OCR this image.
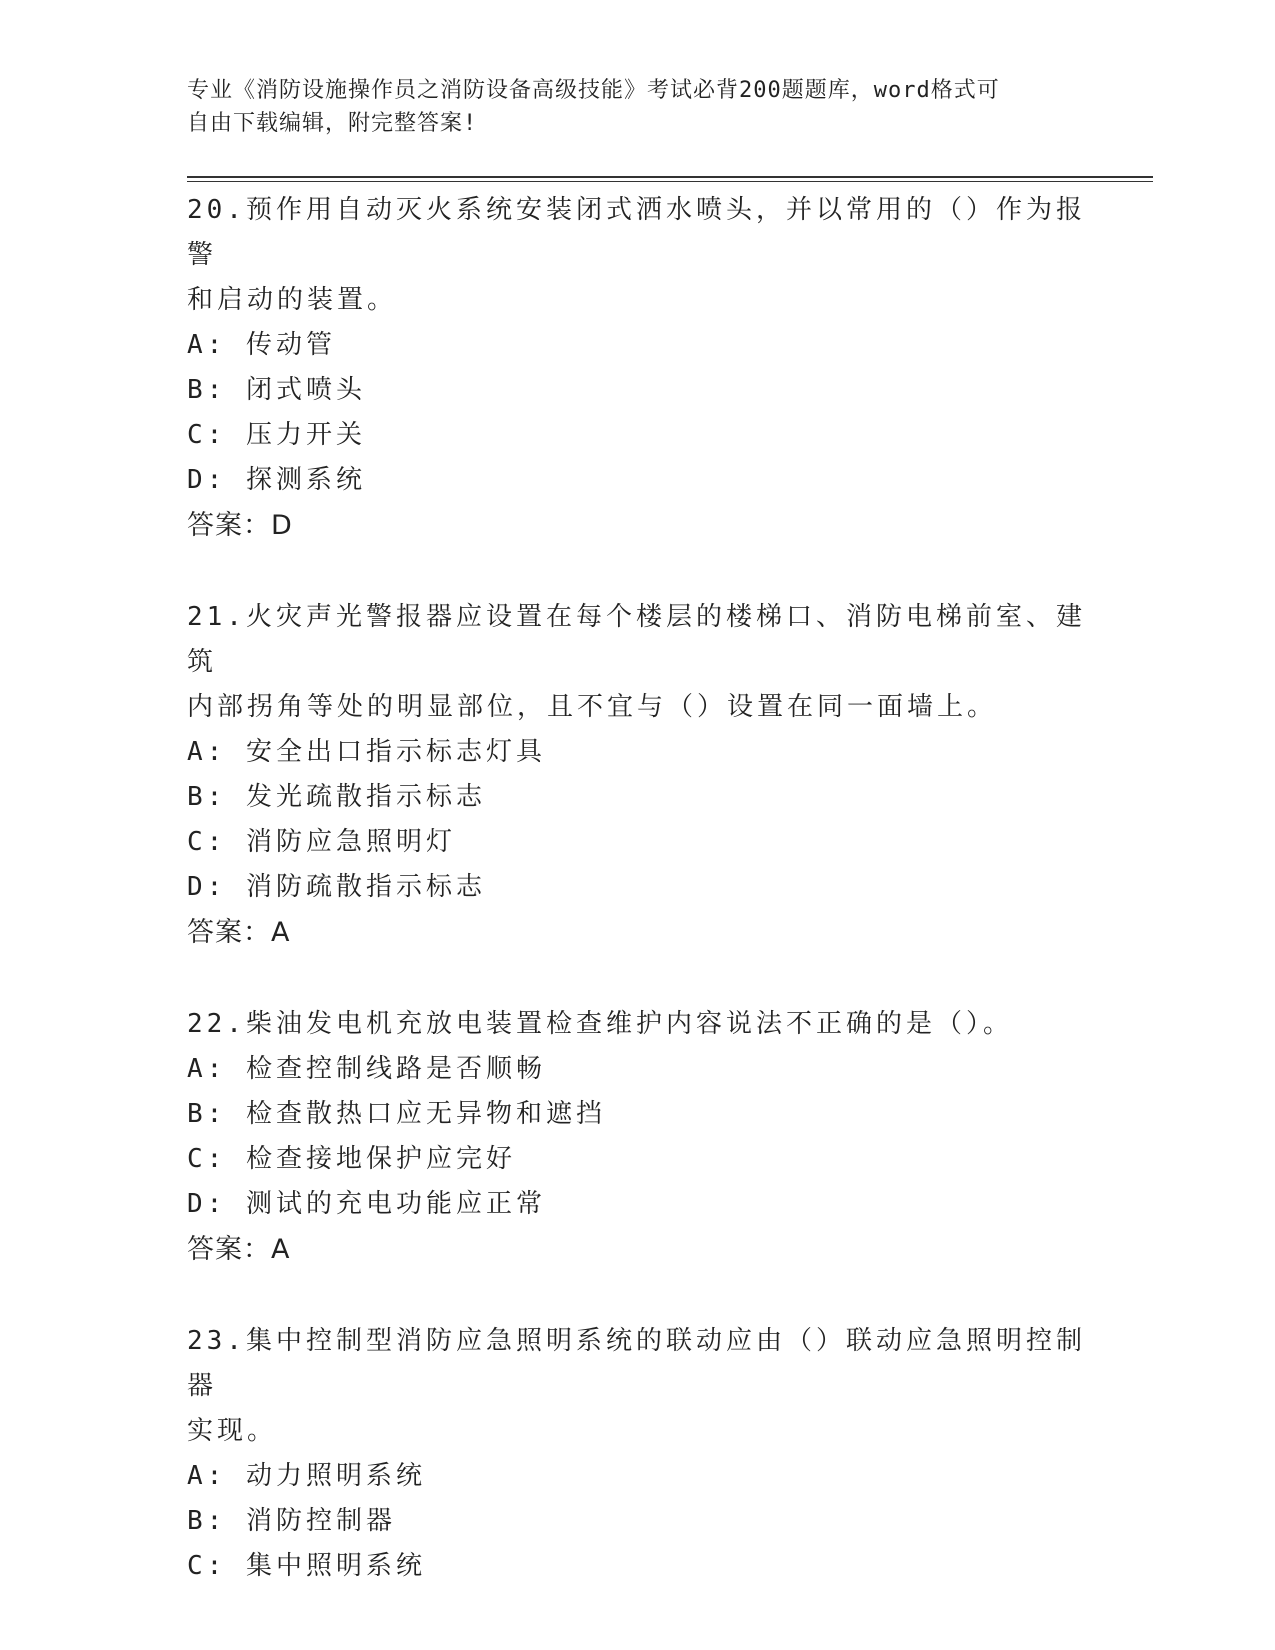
专业《消防设施操作员之消防设备高级技能》考试必背200题题库，word格式可
自由下载编辑，附完整答案!

20.预作用自动灭火系统安装闭式洒水喷头，并以常用的（）作为报警

和启动的装置。

A: 传动管

B: 闭式喷头

C: 压力开关

D: 探测系统

答案：D

21.火灾声光警报器应设置在每个楼层的楼梯口、消防电梯前室、建筑

内部拐角等处的明显部位，且不宜与（）设置在同一面墙上。

A: 安全出口指示标志灯具

B: 发光疏散指示标志

C: 消防应急照明灯

D: 消防疏散指示标志

答案：A

22.柴油发电机充放电装置检查维护内容说法不正确的是（）。

A: 检查控制线路是否顺畅

B: 检查散热口应无异物和遮挡

C: 检查接地保护应完好

D: 测试的充电功能应正常

答案：A

23.集中控制型消防应急照明系统的联动应由（）联动应急照明控制器

实现。

A: 动力照明系统

B: 消防控制器

C: 集中照明系统
